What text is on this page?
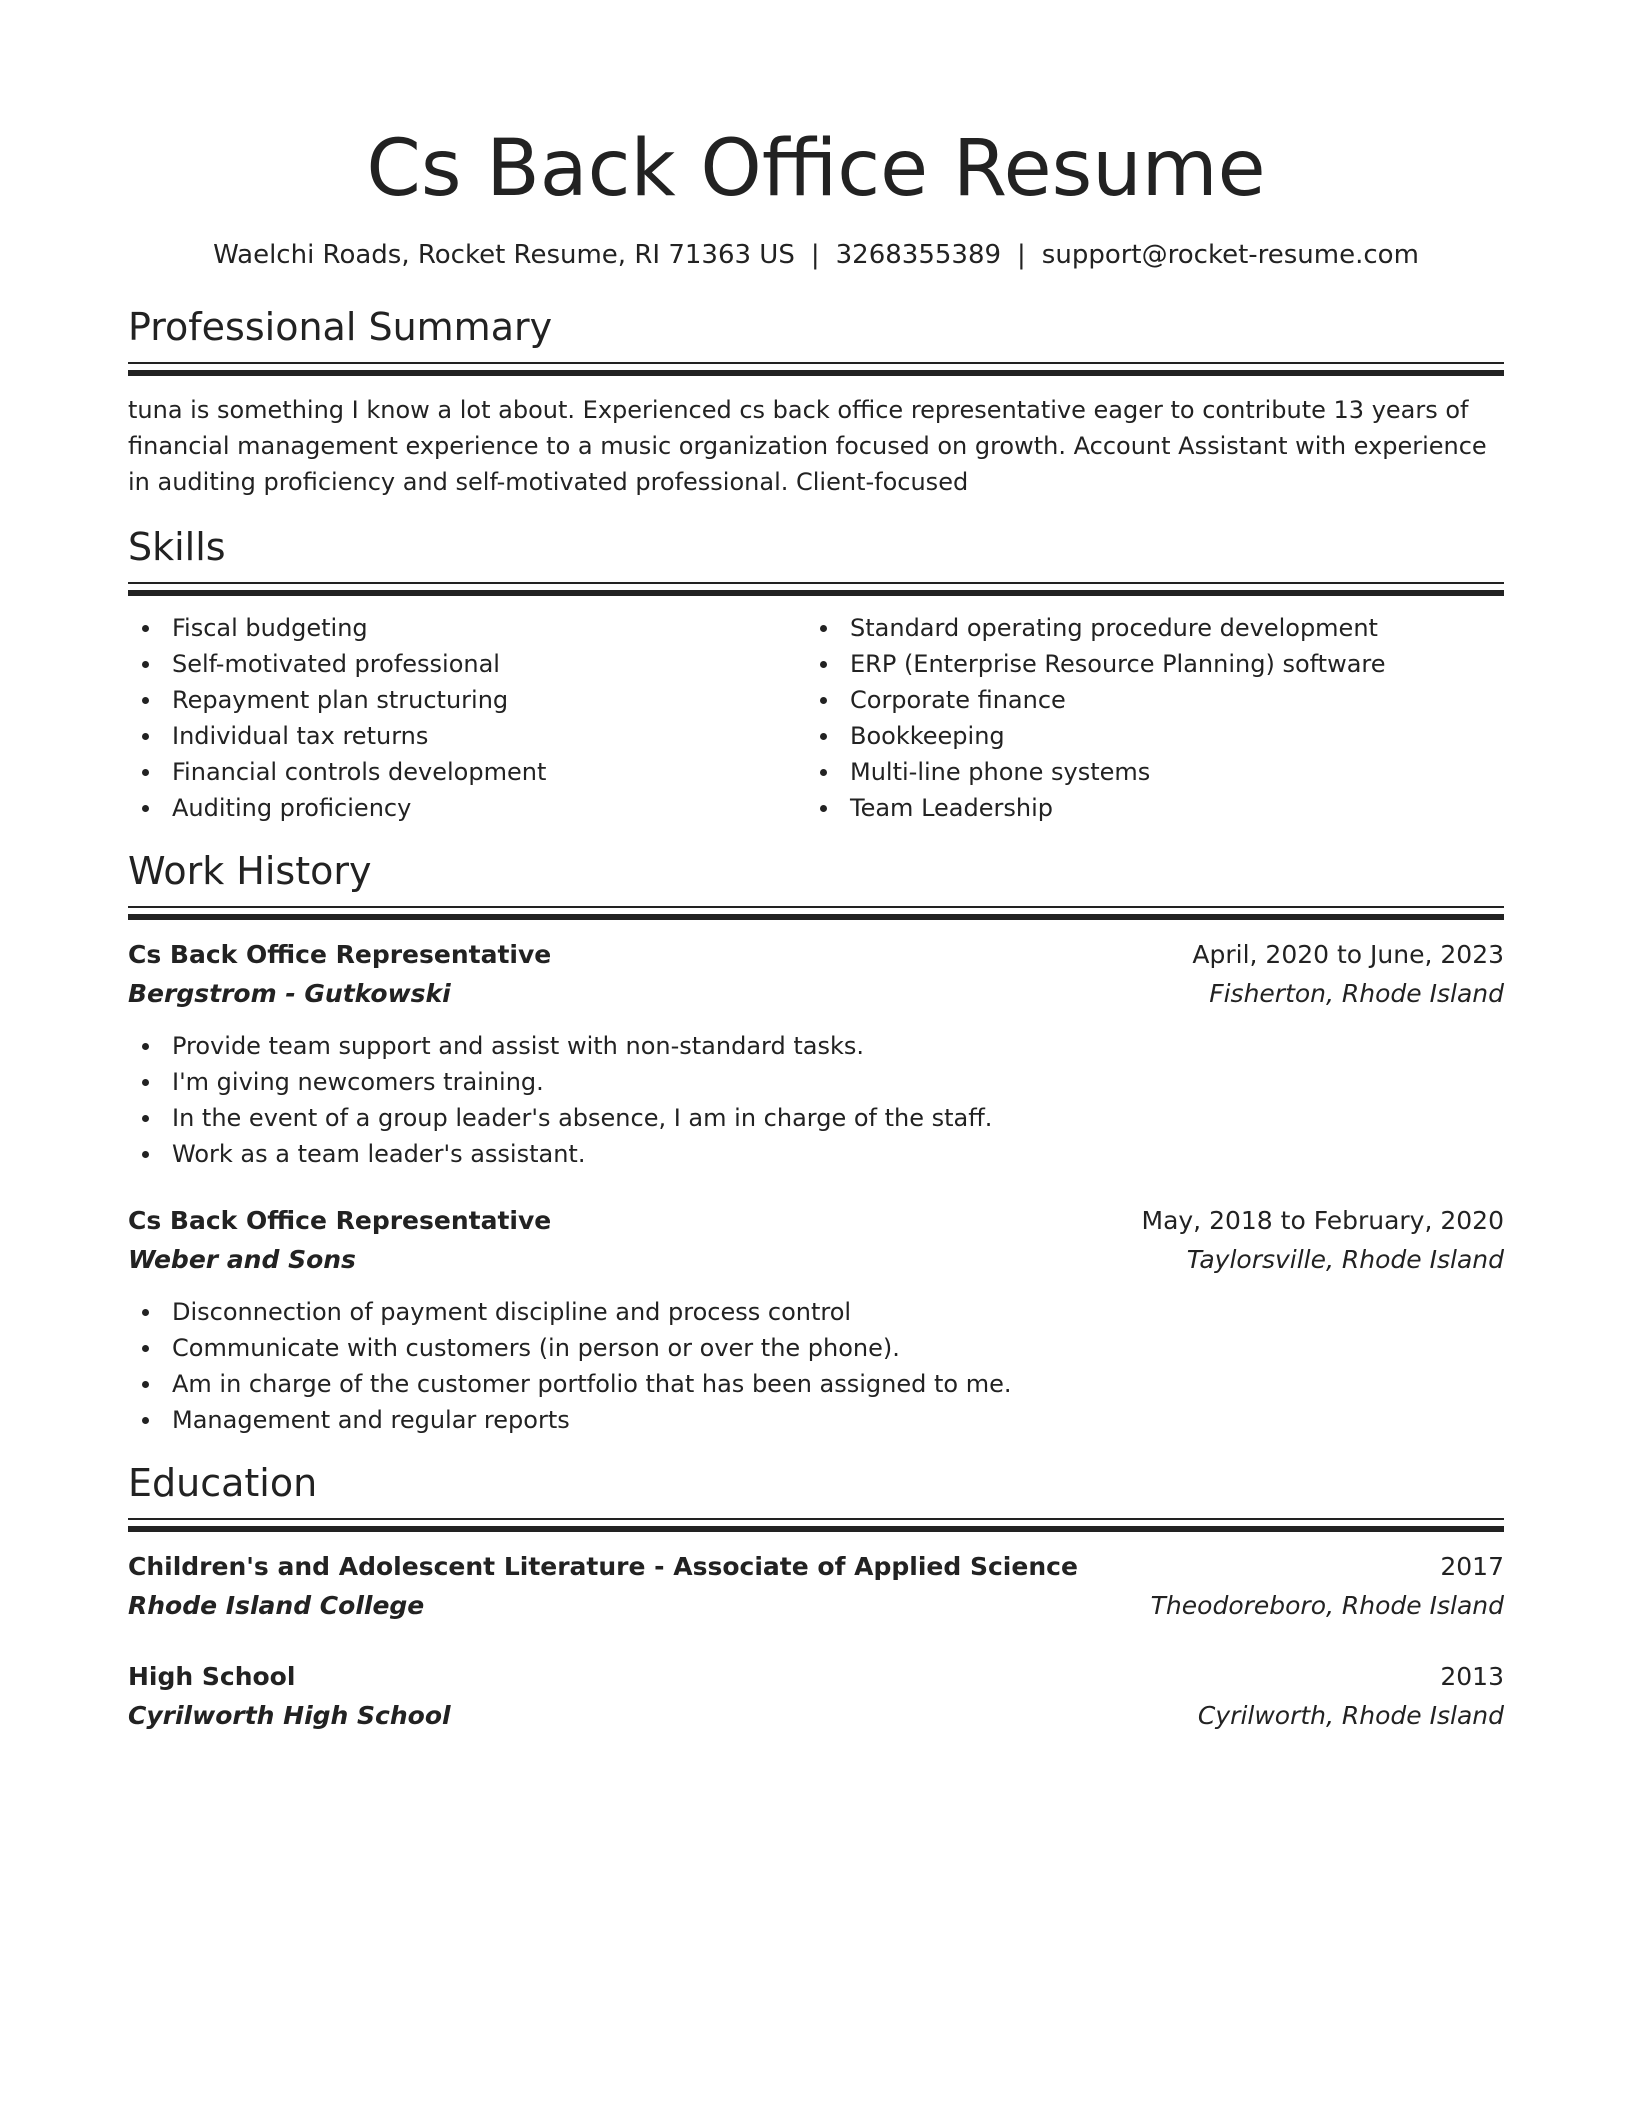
Cs Back Office Resume
Waelchi Roads, Rocket Resume, RI 71363 US | 3268355389 | support@rocket-resume.com
Professional Summary
tuna is something I know a lot about. Experienced cs back office representative eager to contribute 13 years of financial management experience to a music organization focused on growth. Account Assistant with experience in auditing proficiency and self-motivated professional. Client-focused
Skills
Fiscal budgeting
Self-motivated professional
Repayment plan structuring
Individual tax returns
Financial controls development
Auditing proficiency
Standard operating procedure development
ERP (Enterprise Resource Planning) software
Corporate finance
Bookkeeping
Multi-line phone systems
Team Leadership
Work History
Cs Back Office Representative	April, 2020 to June, 2023
Bergstrom - Gutkowski	Fisherton, Rhode Island
Provide team support and assist with non-standard tasks.
I'm giving newcomers training.
In the event of a group leader's absence, I am in charge of the staff.
Work as a team leader's assistant.
Cs Back Office Representative	May, 2018 to February, 2020
Weber and Sons	Taylorsville, Rhode Island
Disconnection of payment discipline and process control
Communicate with customers (in person or over the phone).
Am in charge of the customer portfolio that has been assigned to me.
Management and regular reports
Education
Children's and Adolescent Literature - Associate of Applied Science	2017
Rhode Island College	Theodoreboro, Rhode Island
High School	2013
Cyrilworth High School	Cyrilworth, Rhode Island
